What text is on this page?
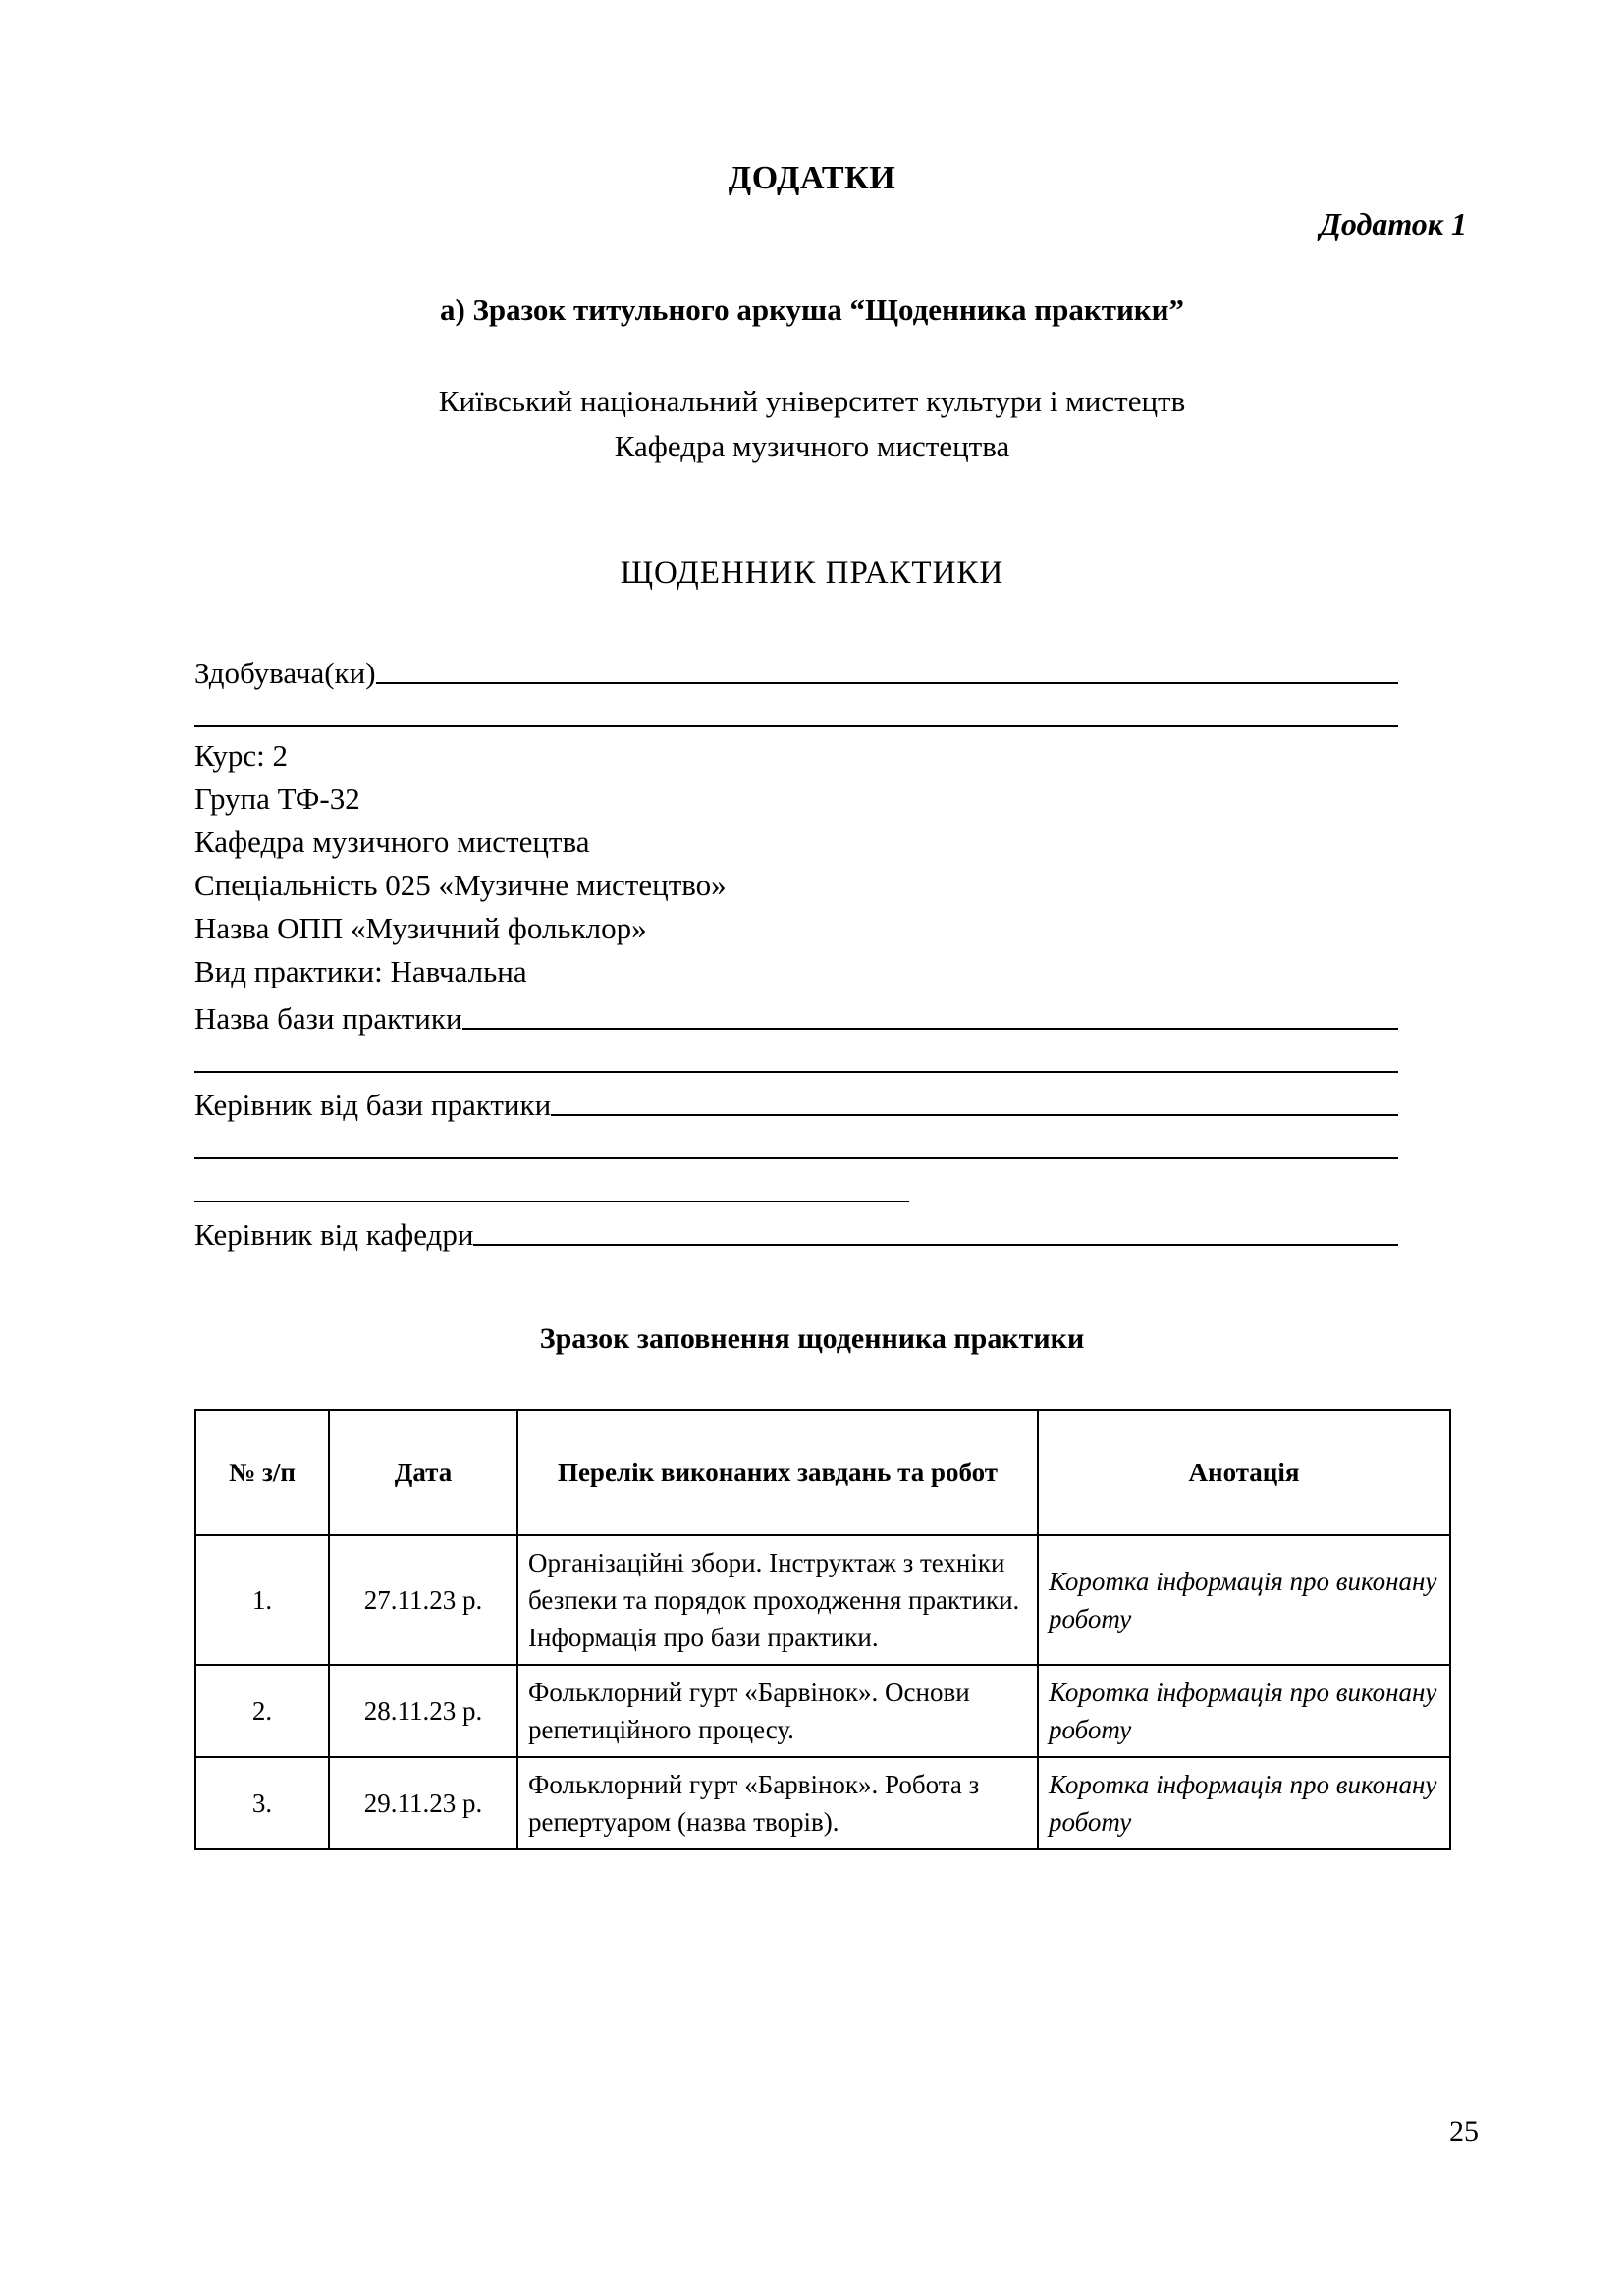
ДОДАТКИ
Додаток 1
а) Зразок титульного аркуша “Щоденника практики”
Київський національний університет культури і мистецтв
Кафедра музичного мистецтва
ЩОДЕННИК ПРАКТИКИ
Здобувача(ки)
Курс: 2
Група ТФ-32
Кафедра музичного мистецтва
Спеціальність 025 «Музичне мистецтво»
Назва ОПП «Музичний фольклор»
Вид практики: Навчальна
Назва бази практики
Керівник від бази практики
Керівник від кафедри
Зразок заповнення щоденника практики
№ з/п	Дата	Перелік виконаних завдань та робот	Анотація
1.	27.11.23 р.	Організаційні збори. Інструктаж з техніки безпеки та порядок проходження практики. Інформація про бази практики.	Коротка інформація про виконану роботу
2.	28.11.23 р.	Фольклорний гурт «Барвінок». Основи репетиційного процесу.	Коротка інформація про виконану роботу
3.	29.11.23 р.	Фольклорний гурт «Барвінок». Робота з репертуаром (назва творів).	Коротка інформація про виконану роботу
25
